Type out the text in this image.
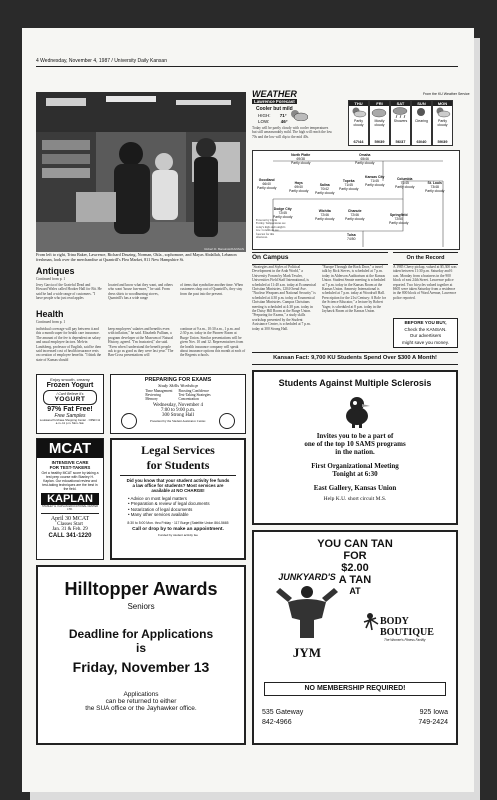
4 Wednesday, November 4, 1987 / University Daily Kansan
Robert D. Bansinski/KANSAN
From left to right, Trina Baker, Lawrence, Richard Druzing, Norman, Okla., sophomore, and Mayas Abdallah, Lebanon freshman, look over the merchandise at Quantrill's Flea Market, 811 New Hampshire St.
Antiques
Continued from p. 1
Jerry Garcia of the Grateful Dead and Howard Wales called Hooker Hall for Bit. He said he had a wide range of customers. "I have people who just read apples
located and know what they want, and others who want 'house fun-more,'" he said. From dress shirts to woodburning stoves, Quantrill's has a wide range
of items that symbolize another time. When customers shop out of Quantrill's, they stay from the past into the present.
Health
Continued from p. 1
individual coverage will pay between it and this a month super for health care insurance. The amount of the fee is dependent on salary and usual employee factors. Melvin Landsberg, professor of English, said he then said increased cost of health insurance rests on creation of employee benefits. "I think the state of Kansas should
keep employees' salaries and benefits even with inflation," he said. Elizabeth Pulliam, a program developer at the Museum of Natural History, agreed. "I'm frustrated," she said. "Even when I understand the benefit people ask to go as good as they were last year." The Ban-Cross presentations will
continue at 9 a.m., 10:30 a.m., 1 p.m. and 2:30 p.m. today in the Pioneer Room at Burge Union. Similar presentations will be given Nov. 10 and 12. Representatives from the health insurance company will speak about insurance options this month at each of the Regents schools.
WEATHER	From the KU Weather Service
Lawrence Forecast
Cooler but mild
HIGH: 71°
LOW:	46°
Today will be partly cloudy with cooler temperatures but still unseasonably mild. The high will reach the low 70s and the low will dip to the mid 40s.
THU
Partly cloudy
67/44
FRI
Mostly cloudy
59/39
SAT
Showers
56/37
SUN
Clearing
60/40
MON
Partly cloudy
59/39
Omaha
65/46
Partly cloudy
North Platte
69/38
Partly cloudy
Goodland
66/40
Partly cloudy
Hays
69/40
Partly cloudy
Salina
70/42
Partly cloudy
Topeka
71/45
Partly cloudy
Kansas City
71/45
Partly cloudy
Columbia
71/45
Partly cloudy
St. Louis
73/48
Partly cloudy
Dodge City
72/45
Partly cloudy
Wichita
72/46
Partly cloudy
Chanute
72/46
Partly cloudy
Springfield
72/50
Partly cloudy
Tulsa
74/50
Forecast by Clyde Fornby. Temperatures are today's high and tonight's low. Conditions are forecast for this afternoon.
On Campus
"Strategies and Styles of Political Development in the Arab World," a University Forum by Mark Tessler, Universities Field Staff International, is scheduled at 11:40 a.m. today at Ecumenical Christian Ministries, 1204 Oread Ave. "Nuclear Weapons and National Security" is scheduled at 4:30 p.m. today at Ecumenical Christian Ministries. Campus Christians meeting is scheduled at 4:30 p.m. today in the Daisy Hill Room at the Burge Union. "Preparing for Exams," a study skills workshop presented by the Student Assistance Center, is scheduled at 7 p.m. today at 300 Strong Hall.
"Europe Through the Rock Door," a travel talk by Rick Steves, is scheduled at 7 p.m. today in Alderson Auditorium at the Kansas Union. Student Senate meeting is scheduled at 7 p.m. today in the Kansas Room at the Kansas Union. Amnesty International is scheduled at 7 p.m. today at Woodruff Hall. Prescription for the 21st Century: A Role for the Science Educator," a lecture by Robert Yager, is scheduled at 8 p.m. today in the Jayhawk Room at the Kansas Union.
On the Record
A 1985 Chevy pickup, valued at $5,300 was taken between 11:30 p.m. Saturday and 6 a.m. Monday from a business in the 900 block of east 24th Street. Lawrence police reported. Two bicycles valued together at $605 were taken Saturday from a residence in the 800 block of Ward Avenue, Lawrence police reported.
BEFORE YOU BUY,
Check the KANSAN.
Our advertisers
might save you money.
Kansan Fact: 9,700 KU Students Spend Over $300 A Month!
Enjoy smooth, creamy
Frozen Yogurt
I Can't Believe It's
YOGURT
97% Fat Free!
Free Samples
Louisiana Purchase Shopping Center · OPEN 11 a.m.-11 p.m. Mon.-Sat.
PREPARING FOR EXAMS
Study Skills Workshop
Time Management
Reviewing
Memory
Boosting Confidence
Test-Taking Strategies
Concentration
Wednesday, November 4
7:00 to 9:00 p.m.
300 Strong Hall
Presented by the Student Assistance Center.
MCAT
INTENSIVE CARE
FOR TEST-TAKERS
Get a healthy MCAT score by taking a test prep course with Stanley H. Kaplan. Our educational review and test-taking techniques are the best in the field.
KAPLAN
STANLEY H. KAPLAN EDUCATIONAL CENTER LTD.
April 30 MCAT
Classes Start
Jan. 31 & Feb. 29
CALL 341-1220
Legal Services
for Students
Did you know that your student activity fee funds a law office for students? Most services are available at NO CHARGE!
• Advice on most legal matters
• Preparation & review of legal documents
• Notarization of legal documents
• Many other services available
8:30 to 5:00 Mon. thru Friday · 117 Burge (Satellite Union 864-5665
Call or drop by to make an appointment.
Funded by student activity fee
Hilltopper Awards
Seniors
Deadline for Applications
is
Friday, November 13
Applications
can be returned to either
the SUA office or the Jayhawker office.
Students Against Multiple Sclerosis
Invites you to be a part of
one of the top 10 SAMS programs
in the nation.
First Organizational Meeting
Tonight at 6:30
East Gallery, Kansas Union
Help K.U. short circuit M.S.
YOU CAN TAN
FOR
$2.00
A TAN
AT
JUNKYARD'S
JYM
BODY BOUTIQUE
The Women's Fitness Facility
NO MEMBERSHIP REQUIRED!
535 Gateway
842-4966
925 Iowa
749-2424
